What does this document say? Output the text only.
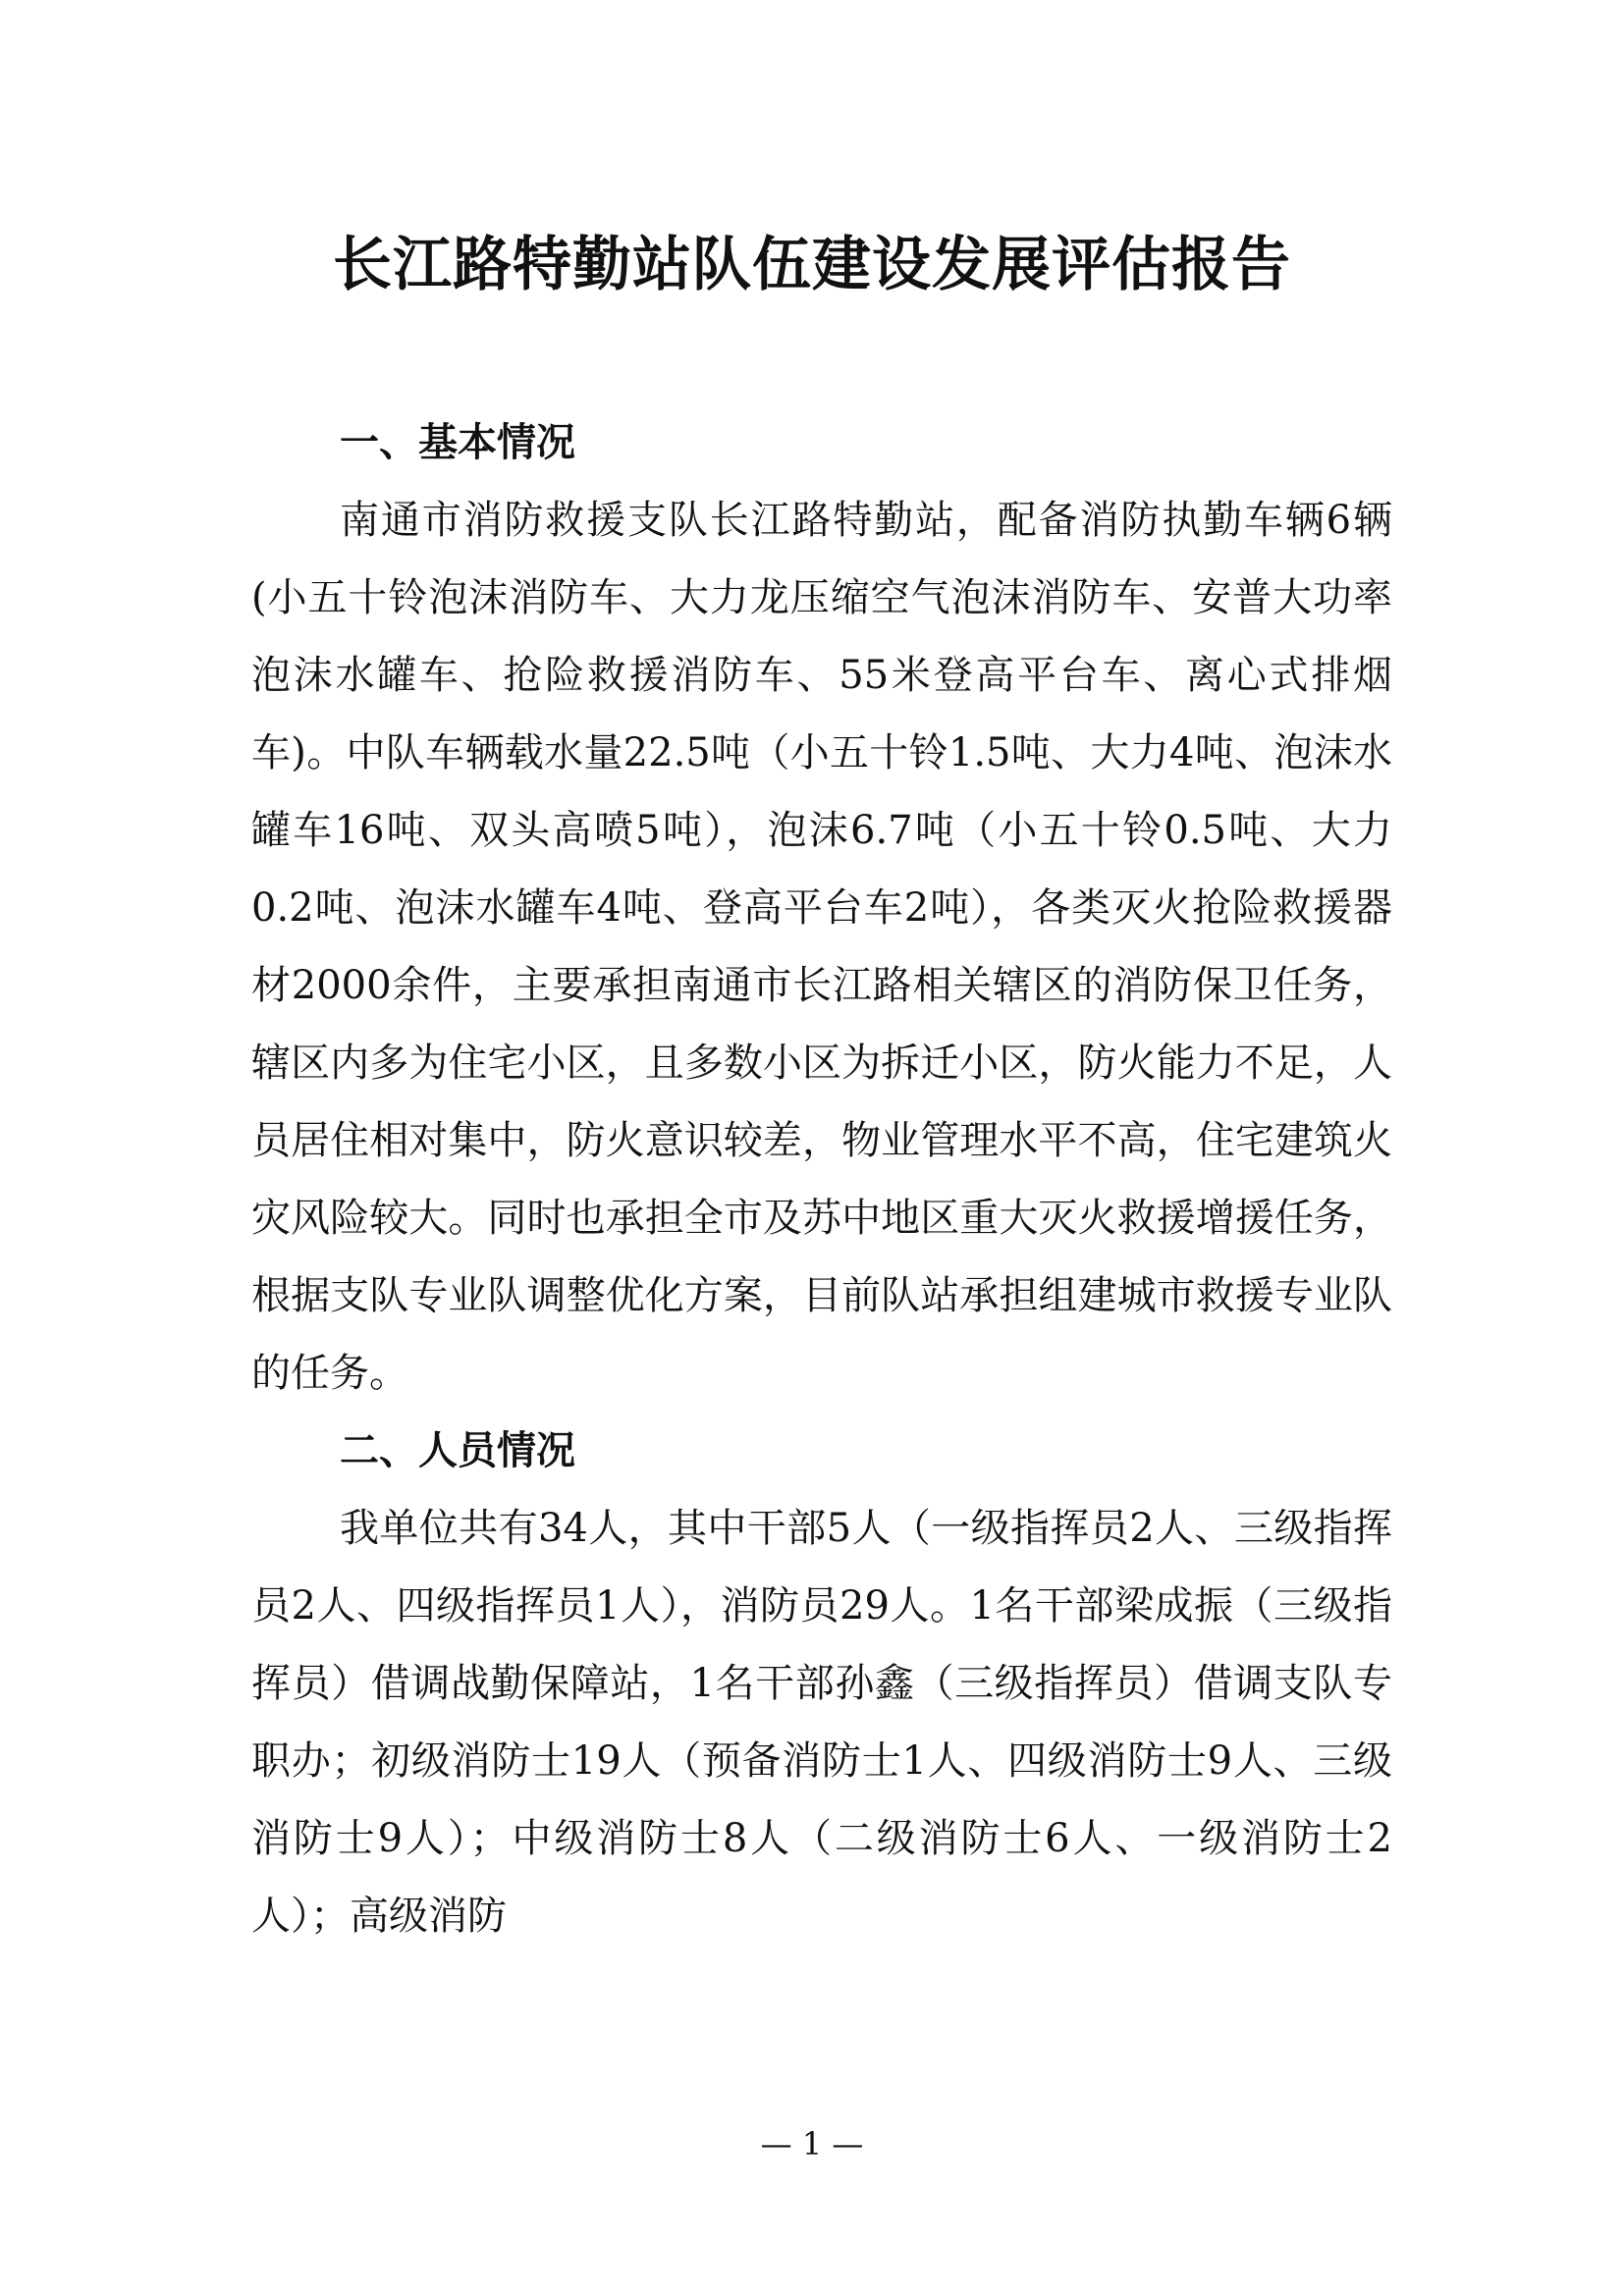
长江路特勤站队伍建设发展评估报告

一、基本情况

南通市消防救援支队长江路特勤站，配备消防执勤车辆6辆(小五十铃泡沫消防车、大力龙压缩空气泡沫消防车、安普大功率泡沫水罐车、抢险救援消防车、55米登高平台车、离心式排烟车)。中队车辆载水量22.5吨（小五十铃1.5吨、大力4吨、泡沫水罐车16吨、双头高喷5吨），泡沫6.7吨（小五十铃0.5吨、大力0.2吨、泡沫水罐车4吨、登高平台车2吨），各类灭火抢险救援器材2000余件，主要承担南通市长江路相关辖区的消防保卫任务，辖区内多为住宅小区，且多数小区为拆迁小区，防火能力不足，人员居住相对集中，防火意识较差，物业管理水平不高，住宅建筑火灾风险较大。同时也承担全市及苏中地区重大灭火救援增援任务，根据支队专业队调整优化方案，目前队站承担组建城市救援专业队的任务。

二、人员情况

我单位共有34人，其中干部5人（一级指挥员2人、三级指挥员2人、四级指挥员1人），消防员29人。1名干部梁成振（三级指挥员）借调战勤保障站，1名干部孙鑫（三级指挥员）借调支队专职办；初级消防士19人（预备消防士1人、四级消防士9人、三级消防士9人）；中级消防士8人（二级消防士6人、一级消防士2人）；高级消防

— 1 —
